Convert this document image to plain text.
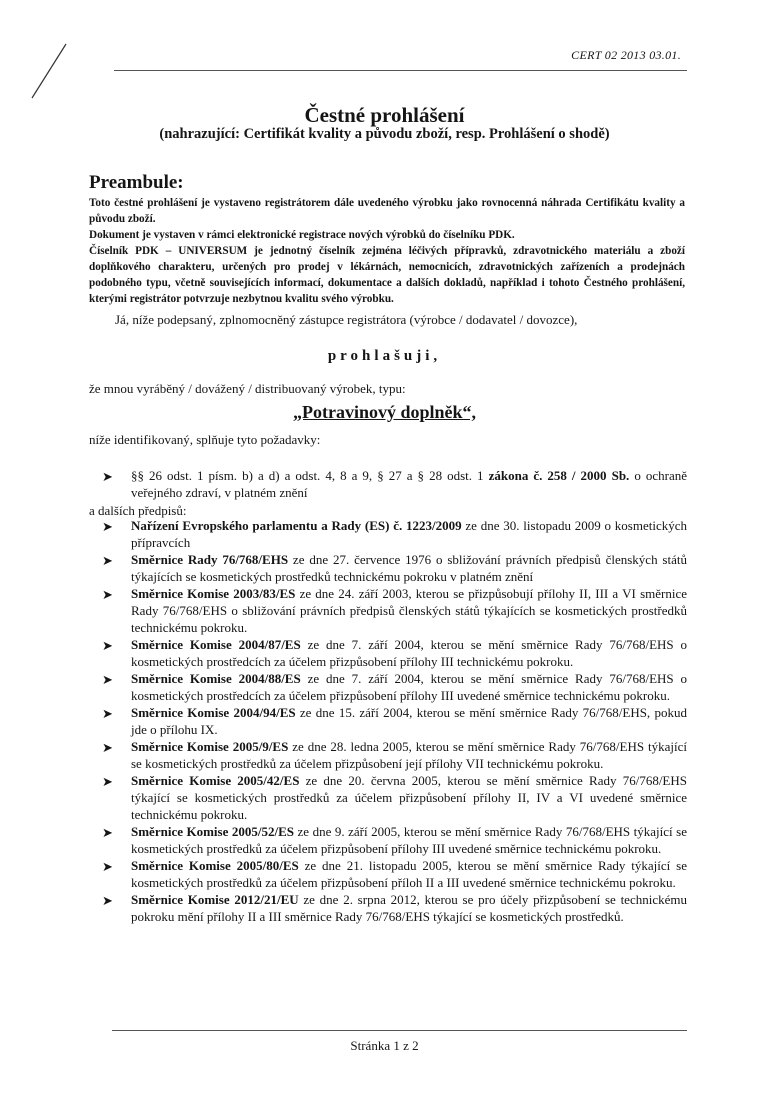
CERT 02 2013 03.01.
Čestné prohlášení
(nahrazující: Certifikát kvality a původu zboží, resp. Prohlášení o shodě)
Preambule:

Toto čestné prohlášení je vystaveno registrátorem dále uvedeného výrobku jako rovnocenná náhrada Certifikátu kvality a původu zboží.

Dokument je vystaven v rámci elektronické registrace nových výrobků do číselníku PDK.

Číselník PDK – UNIVERSUM je jednotný číselník zejména léčivých přípravků, zdravotnického materiálu a zboží doplňkového charakteru, určených pro prodej v lékárnách, nemocnicích, zdravotnických zařízeních a prodejnách podobného typu, včetně souvisejících informací, dokumentace a dalších dokladů, například i tohoto Čestného prohlášení, kterými registrátor potvrzuje nezbytnou kvalitu svého výrobku.

Já, níže podepsaný, zplnomocněný zástupce registrátora (výrobce / dodavatel / dovozce),
prohlašuji,
že mnou vyráběný / dovážený / distribuovaný výrobek, typu:
„Potravinový doplněk“,
níže identifikovaný, splňuje tyto požadavky:

➤ §§ 26 odst. 1 písm. b) a d) a odst. 4, 8 a 9, § 27 a § 28 odst. 1 zákona č. 258 / 2000 Sb. o ochraně veřejného zdraví, v platném znění

a dalších předpisů:

➤ Nařízení Evropského parlamentu a Rady (ES) č. 1223/2009 ze dne 30. listopadu 2009 o kosmetických přípravcích

➤ Směrnice Rady 76/768/EHS ze dne 27. července 1976 o sbližování právních předpisů členských států týkajících se kosmetických prostředků technickému pokroku v platném znění

➤ Směrnice Komise 2003/83/ES ze dne 24. září 2003, kterou se přizpůsobují přílohy II, III a VI směrnice Rady 76/768/EHS o sbližování právních předpisů členských států týkajících se kosmetických prostředků technickému pokroku.

➤ Směrnice Komise 2004/87/ES ze dne 7. září 2004, kterou se mění směrnice Rady 76/768/EHS o kosmetických prostředcích za účelem přizpůsobení přílohy III technickému pokroku.

➤ Směrnice Komise 2004/88/ES ze dne 7. září 2004, kterou se mění směrnice Rady 76/768/EHS o kosmetických prostředcích za účelem přizpůsobení přílohy III uvedené směrnice technickému pokroku.

➤ Směrnice Komise 2004/94/ES ze dne 15. září 2004, kterou se mění směrnice Rady 76/768/EHS, pokud jde o přílohu IX.

➤ Směrnice Komise 2005/9/ES ze dne 28. ledna 2005, kterou se mění směrnice Rady 76/768/EHS týkající se kosmetických prostředků za účelem přizpůsobení její přílohy VII technickému pokroku.

➤ Směrnice Komise 2005/42/ES ze dne 20. června 2005, kterou se mění směrnice Rady 76/768/EHS týkající se kosmetických prostředků za účelem přizpůsobení přílohy II, IV a VI uvedené směrnice technickému pokroku.

➤ Směrnice Komise 2005/52/ES ze dne 9. září 2005, kterou se mění směrnice Rady 76/768/EHS týkající se kosmetických prostředků za účelem přizpůsobení přílohy III uvedené směrnice technickému pokroku.

➤ Směrnice Komise 2005/80/ES ze dne 21. listopadu 2005, kterou se mění směrnice Rady týkající se kosmetických prostředků za účelem přizpůsobení příloh II a III uvedené směrnice technickému pokroku.

➤ Směrnice Komise 2012/21/EU ze dne 2. srpna 2012, kterou se pro účely přizpůsobení se technickému pokroku mění přílohy II a III směrnice Rady 76/768/EHS týkající se kosmetických prostředků.

Stránka 1 z 2
